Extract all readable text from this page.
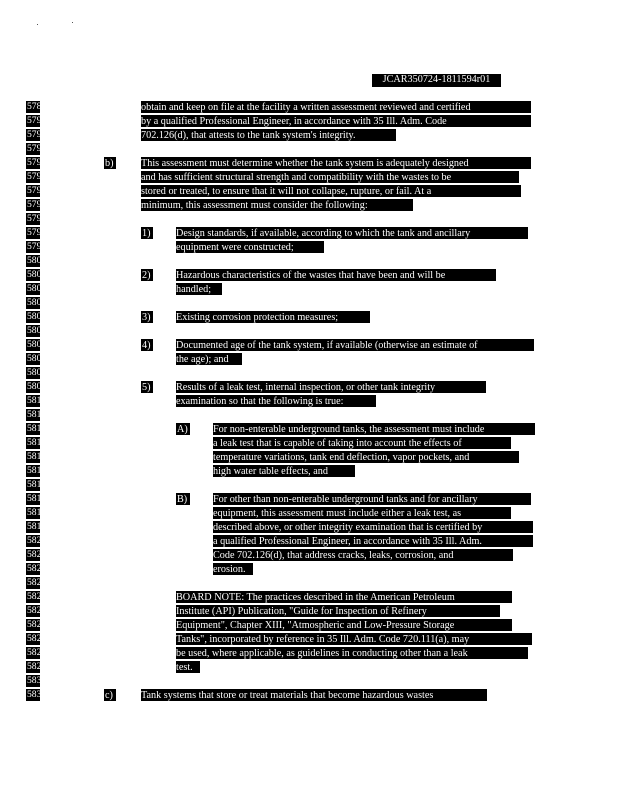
JCAR350724-1811594r01
5789
5790
5791
5792
5793
5794
5795
5796
5797
5798
5799
5800
5801
5802
5803
5804
5805
5806
5807
5808
5809
5810
5811
5812
5813
5814
5815
5816
5817
5818
5819
5820
5821
5822
5823
5824
5825
5826
5827
5828
5829
5830
5831
obtain and keep on file at the facility a written assessment reviewed and certified
by a qualified Professional Engineer, in accordance with 35 Ill. Adm. Code
702.126(d), that attests to the tank system's integrity.
b)	This assessment must determine whether the tank system is adequately designed
and has sufficient structural strength and compatibility with the wastes to be
stored or treated, to ensure that it will not collapse, rupture, or fail. At a
minimum, this assessment must consider the following:
1)	Design standards, if available, according to which the tank and ancillary
equipment were constructed;
2)	Hazardous characteristics of the wastes that have been and will be
handled;
3)	Existing corrosion protection measures;
4)	Documented age of the tank system, if available (otherwise an estimate of
the age); and
5)	Results of a leak test, internal inspection, or other tank integrity
examination so that the following is true:
A) For non-enterable underground tanks, the assessment must include
a leak test that is capable of taking into account the effects of
temperature variations, tank end deflection, vapor pockets, and
high water table effects, and
B)	For other than non-enterable underground tanks and for ancillary
equipment, this assessment must include either a leak test, as
described above, or other integrity examination that is certified by
a qualified Professional Engineer, in accordance with 35 Ill. Adm.
Code 702.126(d), that address cracks, leaks, corrosion, and
erosion.
BOARD NOTE: The practices described in the American Petroleum
Institute (API) Publication, "Guide for Inspection of Refinery
Equipment", Chapter XIII, "Atmospheric and Low-Pressure Storage
Tanks", incorporated by reference in 35 Ill. Adm. Code 720.111(a), may
be used, where applicable, as guidelines in conducting other than a leak
test.
c)	Tank systems that store or treat materials that become hazardous wastes
